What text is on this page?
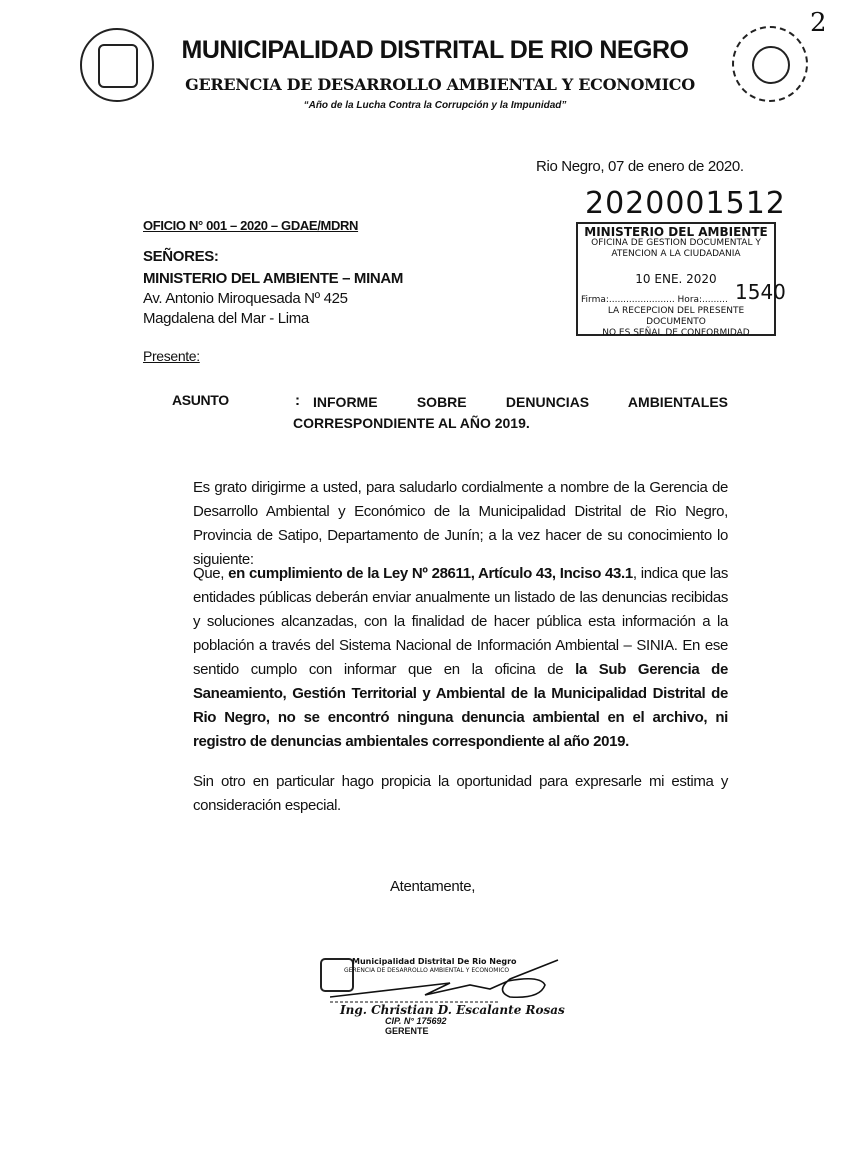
2
MUNICIPALIDAD DISTRITAL DE RIO NEGRO
GERENCIA DE DESARROLLO AMBIENTAL Y ECONOMICO
“Año de la Lucha Contra la Corrupción y la Impunidad”
Rio Negro, 07 de enero de 2020.
2020001512
MINISTERIO DEL AMBIENTE
OFICINA DE GESTION DOCUMENTAL Y
ATENCION A LA CIUDADANIA
10 ENE. 2020
Firma:....................... Hora:.........
LA RECEPCION DEL PRESENTE DOCUMENTO
NO ES SEÑAL DE CONFORMIDAD
1540
OFICIO N° 001 – 2020 – GDAE/MDRN
SEÑORES:
MINISTERIO DEL AMBIENTE – MINAM
Av. Antonio Miroquesada Nº 425
Magdalena del Mar - Lima
Presente:
ASUNTO	: INFORME SOBRE DENUNCIAS AMBIENTALES CORRESPONDIENTE AL AÑO 2019.
Es grato dirigirme a usted, para saludarlo cordialmente a nombre de la Gerencia de Desarrollo Ambiental y Económico de la Municipalidad Distrital de Rio Negro, Provincia de Satipo, Departamento de Junín; a la vez hacer de su conocimiento lo siguiente:
Que, en cumplimiento de la Ley Nº 28611, Artículo 43, Inciso 43.1, indica que las entidades públicas deberán enviar anualmente un listado de las denuncias recibidas y soluciones alcanzadas, con la finalidad de hacer pública esta información a la población a través del Sistema Nacional de Información Ambiental – SINIA. En ese sentido cumplo con informar que en la oficina de la Sub Gerencia de Saneamiento, Gestión Territorial y Ambiental de la Municipalidad Distrital de Rio Negro, no se encontró ninguna denuncia ambiental en el archivo, ni registro de denuncias ambientales correspondiente al año 2019.
Sin otro en particular hago propicia la oportunidad para expresarle mi estima y consideración especial.
Atentamente,
Municipalidad Distrital De Rio Negro
GERENCIA DE DESARROLLO AMBIENTAL Y ECONOMICO
Ing. Christian D. Escalante Rosas
CIP. N° 175692
GERENTE
